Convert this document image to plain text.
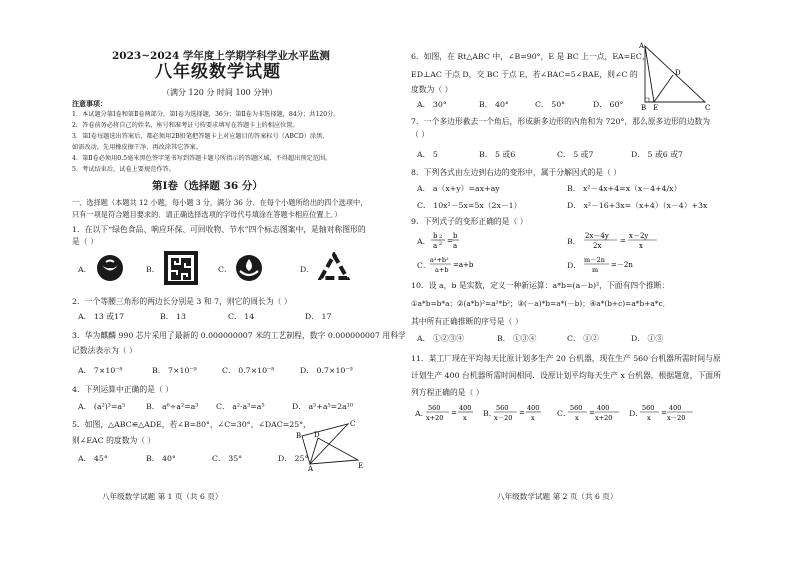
2023~2024 学年度上学期学科学业水平监测
八年级数学试题
（满分 120 分 时间 100 分钟）
注意事项：
1．本试题分第Ⅰ卷和第Ⅱ卷两部分，第Ⅰ卷为选择题，36分；第Ⅱ卷为非选择题，84分；共120分。
2．答卷前务必将自己的姓名、座号和准考证号按要求填写在答题卡上的相应位置。
3．第Ⅰ卷每题选出答案后，都必须用2B铅笔把答题卡上对应题目的答案标号（ABCD）涂黑，
如需改动，先用橡皮擦干净，再改涂其它答案。
4．第Ⅱ卷必须用0.5毫米黑色签字笔书写到答题卡题号所指示的答题区域，不得超出预定范围。
5．考试结束后，试卷上要规范作答。
第Ⅰ卷（选择题 36 分）
一、选择题（本题共 12 小题，每小题 3 分，满分 36 分．在每个小题所给出的四个选项中，
只有一项是符合题目要求的．请正确选择选项的字母代号填涂在答题卡相应位置上．）
1．在以下“绿色食品、响应环保、可回收物、节水”四个标志图案中，是轴对称图形的
是（ ）
A．	B．	C．	D．
2．一个等腰三角形的两边长分别是 3 和 7，则它的周长为（ ）
A． 13 或17	B． 13	C． 14	D． 17
3．华为麒麟 990 芯片采用了最新的 0.000000007 米的工艺制程，数字 0.000000007 用科学
记数法表示为（ ）
A． 7×10⁻⁸	B． 7×10⁻⁹	C． 0.7×10⁻⁸	D． 0.7×10⁻⁹
4．下列运算中正确的是（ ）
A． (a²)³=a⁵	B． a⁶÷a²=a³ C． a²·a³=a⁵	D． a⁵+a⁵=2a¹⁰
5．如图，△ABC≌△ADE，若∠B=80°，∠C=30°，∠DAC=25°，
则∠EAC 的度数为（ ）
A． 45°	B． 40°	C． 35°	D． 25°
B D
C
E
A
八年级数学试题 第 1 页（共 6 页）
6．如图，在 Rt△ABC 中，∠B=90°，E 是 BC 上一点，EA=EC，
ED⊥AC 于点 D，交 BC 于点 E，若∠BAC=5∠BAE，则∠C 的
度数为（ ）
A． 30°	B． 40°	C． 50°	D． 60°
A
D
B E	C
7．一个多边形截去一个角后，形成新多边形的内角和为 720°，那么原多边形的边数为
（ ）
A． 5	B． 5 或6	C． 5 或7	D． 5 或6 或7
8．下列各式由左边到右边的变形中，属于分解因式的是（ ）
A． a（x+y）=ax+ay	B． x²－4x+4=x（x－4+4/x）
C． 10x²－5x=5x（2x－1）	D． x²－16+3x=（x+4）（x－4）+3x
9．下列式子的变形正确的是（ ）
A．
b 2
a 2 =
b
a	B．
2x－4y
2x
=
x－2y
x
C．
a²+b²
a+b
=a+b	D．
m－2n
m
=－2n
10．设 a，b 是实数，定义一种新运算：a*b=(a－b)²，下面有四个推断：
①a*b=b*a；②(a*b)²=a²*b²；③(－a)*b=a*(－b)；④a*(b+c)=a*b+a*c．
其中所有正确推断的序号是（ ）
A． ①②③④	B． ①③④	C． ①②	D． ①③
11．某工厂现在平均每天比原计划多生产 20 台机器，现在生产 560 台机器所需时间与原
计划生产 400 台机器所需时间相同．设原计划平均每天生产 x 台机器，根据题意，下面所
列方程正确的是（ ）
A．
560
x+20
=
400
x B．
560
x－20
=
400
x	C．
560
x
=
400
x+20 D．
560
x
=
400
x－20
八年级数学试题 第 2 页（共 6 页）
